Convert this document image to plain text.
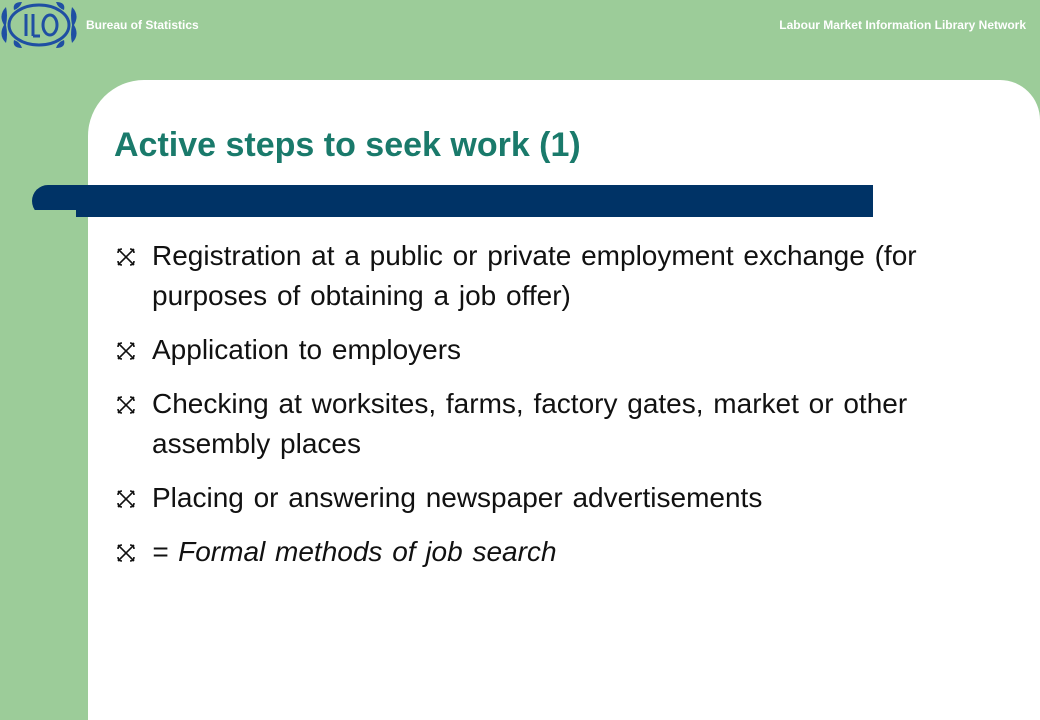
Bureau of Statistics	Labour Market Information Library Network
Active steps to seek work (1)
Registration at a public or private employment exchange (for purposes of obtaining a job offer)
Application to employers
Checking at worksites, farms, factory gates, market or other assembly places
Placing or answering newspaper advertisements
= Formal methods of job search
